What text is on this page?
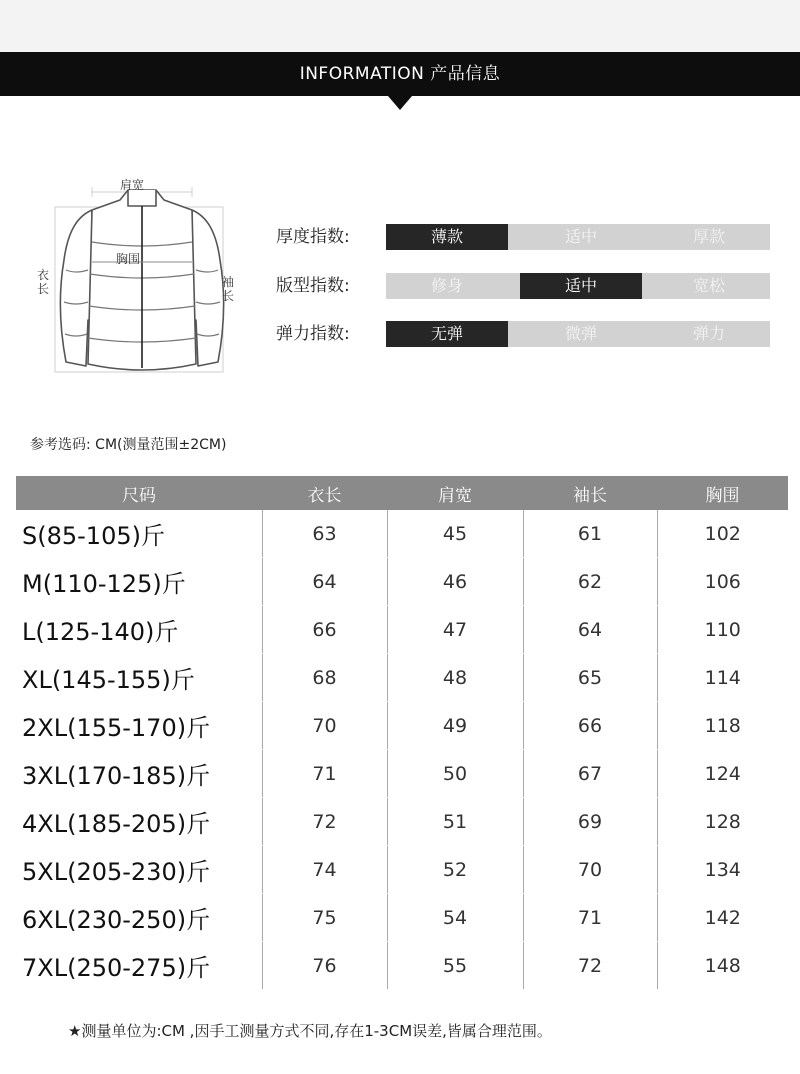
INFORMATION 产品信息
肩宽
胸围
衣长	袖长
厚度指数:	薄款	适中	厚款
版型指数:	修身	适中	宽松
弹力指数:	无弹	微弹	弹力
参考选码: CM(测量范围±2CM)
尺码	衣长	肩宽	袖长	胸围
S(85-105)斤	63	45	61	102
M(110-125)斤	64	46	62	106
L(125-140)斤	66	47	64	110
XL(145-155)斤	68	48	65	114
2XL(155-170)斤	70	49	66	118
3XL(170-185)斤	71	50	67	124
4XL(185-205)斤	72	51	69	128
5XL(205-230)斤	74	52	70	134
6XL(230-250)斤	75	54	71	142
7XL(250-275)斤	76	55	72	148
★测量单位为:CM ,因手工测量方式不同,存在1-3CM误差,皆属合理范围。
